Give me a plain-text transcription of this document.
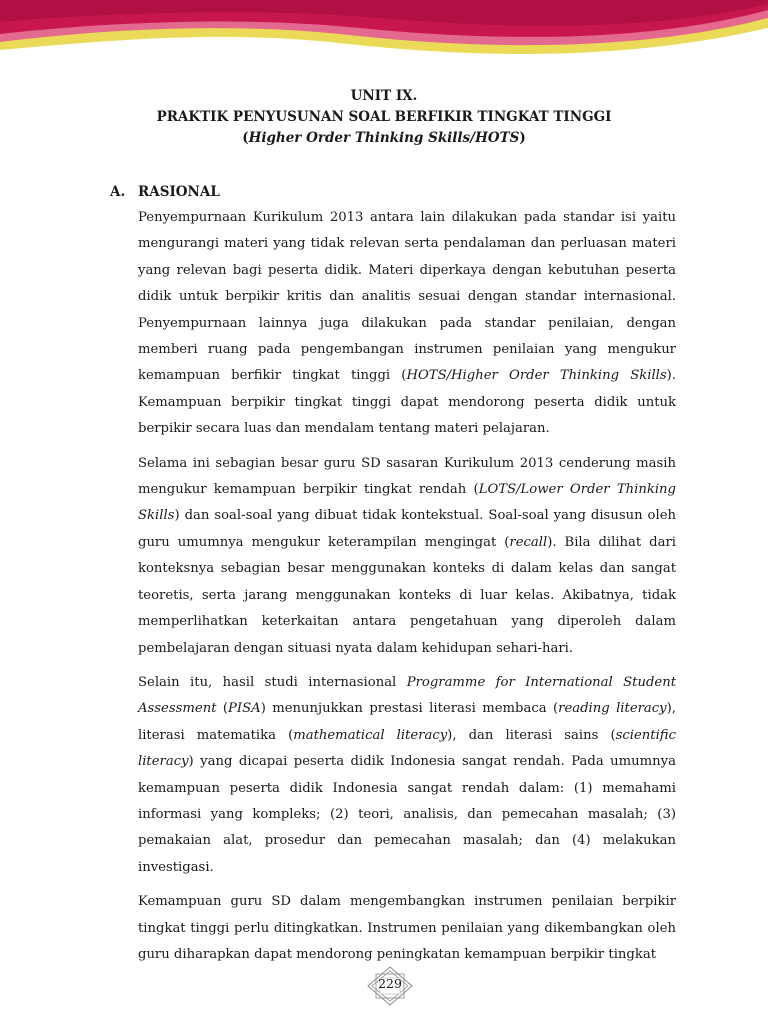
UNIT IX.
PRAKTIK PENYUSUNAN SOAL BERFIKIR TINGKAT TINGGI
(Higher Order Thinking Skills/HOTS)
A. RASIONAL

Penyempurnaan Kurikulum 2013 antara lain dilakukan pada standar isi yaitu mengurangi materi yang tidak relevan serta pendalaman dan perluasan materi yang relevan bagi peserta didik. Materi diperkaya dengan kebutuhan peserta didik untuk berpikir kritis dan analitis sesuai dengan standar internasional. Penyempurnaan lainnya juga dilakukan pada standar penilaian, dengan memberi ruang pada pengembangan instrumen penilaian yang mengukur kemampuan berfikir tingkat tinggi (HOTS/Higher Order Thinking Skills). Kemampuan berpikir tingkat tinggi dapat mendorong peserta didik untuk berpikir secara luas dan mendalam tentang materi pelajaran.

Selama ini sebagian besar guru SD sasaran Kurikulum 2013 cenderung masih mengukur kemampuan berpikir tingkat rendah (LOTS/Lower Order Thinking Skills) dan soal-soal yang dibuat tidak kontekstual. Soal-soal yang disusun oleh guru umumnya mengukur keterampilan mengingat (recall). Bila dilihat dari konteksnya sebagian besar menggunakan konteks di dalam kelas dan sangat teoretis, serta jarang menggunakan konteks di luar kelas. Akibatnya, tidak memperlihatkan keterkaitan antara pengetahuan yang diperoleh dalam pembelajaran dengan situasi nyata dalam kehidupan sehari-hari.

Selain itu, hasil studi internasional Programme for International Student Assessment (PISA) menunjukkan prestasi literasi membaca (reading literacy), literasi matematika (mathematical literacy), dan literasi sains (scientific literacy) yang dicapai peserta didik Indonesia sangat rendah. Pada umumnya kemampuan peserta didik Indonesia sangat rendah dalam: (1) memahami informasi yang kompleks; (2) teori, analisis, dan pemecahan masalah; (3) pemakaian alat, prosedur dan pemecahan masalah; dan (4) melakukan investigasi.

Kemampuan guru SD dalam mengembangkan instrumen penilaian berpikir tingkat tinggi perlu ditingkatkan. Instrumen penilaian yang dikembangkan oleh guru diharapkan dapat mendorong peningkatan kemampuan berpikir tingkat

229
